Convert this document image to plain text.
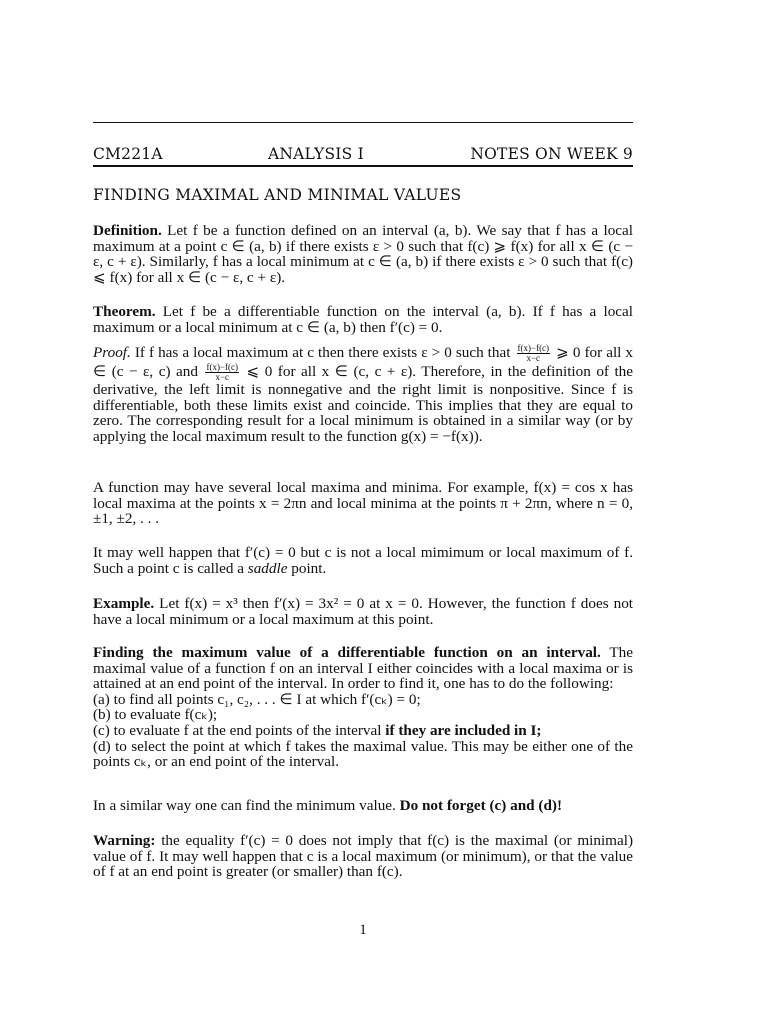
CM221A	ANALYSIS I	NOTES ON WEEK 9
FINDING MAXIMAL AND MINIMAL VALUES

Definition. Let f be a function defined on an interval (a, b). We say that f has a local maximum at a point c ∈ (a, b) if there exists ε > 0 such that f(c) ⩾ f(x) for all x ∈ (c − ε, c + ε). Similarly, f has a local minimum at c ∈ (a, b) if there exists ε > 0 such that f(c) ⩽ f(x) for all x ∈ (c − ε, c + ε).

Theorem. Let f be a differentiable function on the interval (a, b). If f has a local maximum or a local minimum at c ∈ (a, b) then f′(c) = 0.

Proof. If f has a local maximum at c then there exists ε > 0 such that $\frac{f(x)-f(c)}{x-c}$ ⩾ 0 for all x ∈ (c − ε, c) and $\frac{f(x)-f(c)}{x-c}$ ⩽ 0 for all x ∈ (c, c + ε). Therefore, in the definition of the derivative, the left limit is nonnegative and the right limit is nonpositive. Since f is differentiable, both these limits exist and coincide. This implies that they are equal to zero. The corresponding result for a local minimum is obtained in a similar way (or by applying the local maximum result to the function g(x) = −f(x)).

A function may have several local maxima and minima. For example, f(x) = cos x has local maxima at the points x = 2πn and local minima at the points π + 2πn, where n = 0, ±1, ±2, . . .

It may well happen that f′(c) = 0 but c is not a local mimimum or local maximum of f. Such a point c is called a saddle point.

Example. Let f(x) = x³ then f′(x) = 3x² = 0 at x = 0. However, the function f does not have a local minimum or a local maximum at this point.

Finding the maximum value of a differentiable function on an interval. The maximal value of a function f on an interval I either coincides with a local maxima or is attained at an end point of the interval. In order to find it, one has to do the following:
(a) to find all points c₁, c₂, . . . ∈ I at which f′(cₖ) = 0;
(b) to evaluate f(cₖ);
(c) to evaluate f at the end points of the interval if they are included in I;
(d) to select the point at which f takes the maximal value. This may be either one of the points cₖ, or an end point of the interval.

In a similar way one can find the minimum value. Do not forget (c) and (d)!

Warning: the equality f′(c) = 0 does not imply that f(c) is the maximal (or minimal) value of f. It may well happen that c is a local maximum (or minimum), or that the value of f at an end point is greater (or smaller) than f(c).

1
